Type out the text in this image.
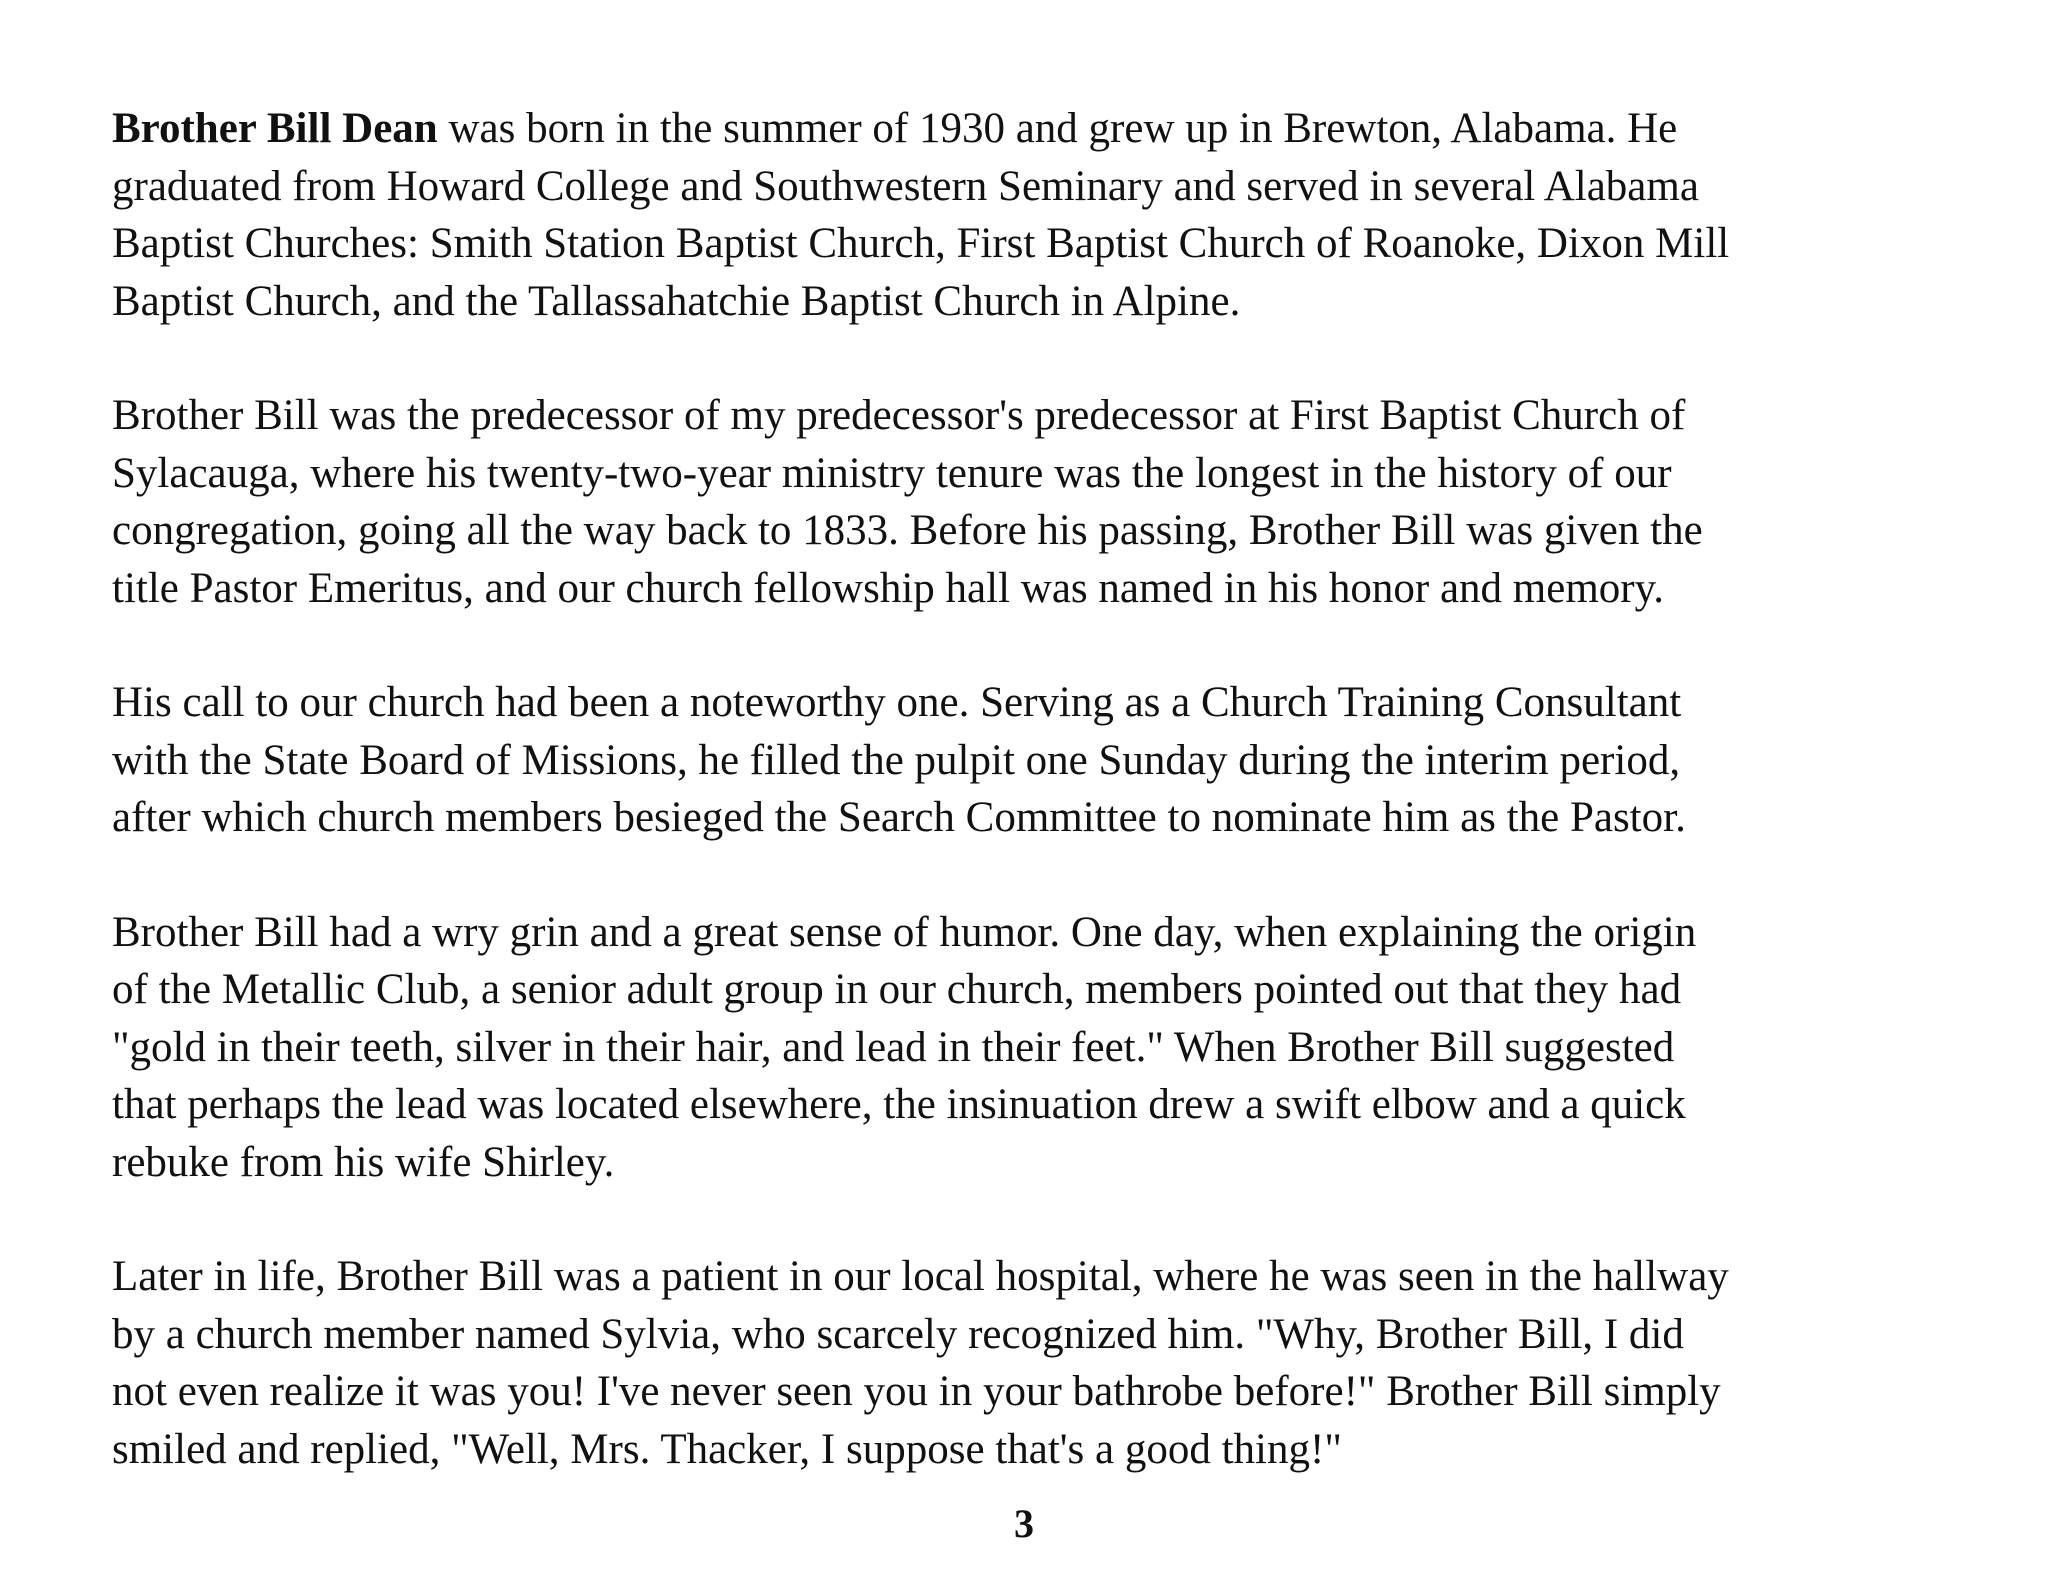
Brother Bill Dean was born in the summer of 1930 and grew up in Brewton, Alabama. He
graduated from Howard College and Southwestern Seminary and served in several Alabama
Baptist Churches: Smith Station Baptist Church, First Baptist Church of Roanoke, Dixon Mill
Baptist Church, and the Tallassahatchie Baptist Church in Alpine.

Brother Bill was the predecessor of my predecessor's predecessor at First Baptist Church of
Sylacauga, where his twenty-two-year ministry tenure was the longest in the history of our
congregation, going all the way back to 1833. Before his passing, Brother Bill was given the
title Pastor Emeritus, and our church fellowship hall was named in his honor and memory.

His call to our church had been a noteworthy one. Serving as a Church Training Consultant
with the State Board of Missions, he filled the pulpit one Sunday during the interim period,
after which church members besieged the Search Committee to nominate him as the Pastor.

Brother Bill had a wry grin and a great sense of humor. One day, when explaining the origin
of the Metallic Club, a senior adult group in our church, members pointed out that they had
"gold in their teeth, silver in their hair, and lead in their feet." When Brother Bill suggested
that perhaps the lead was located elsewhere, the insinuation drew a swift elbow and a quick
rebuke from his wife Shirley.

Later in life, Brother Bill was a patient in our local hospital, where he was seen in the hallway
by a church member named Sylvia, who scarcely recognized him. "Why, Brother Bill, I did
not even realize it was you! I've never seen you in your bathrobe before!" Brother Bill simply
smiled and replied, "Well, Mrs. Thacker, I suppose that's a good thing!"

3
